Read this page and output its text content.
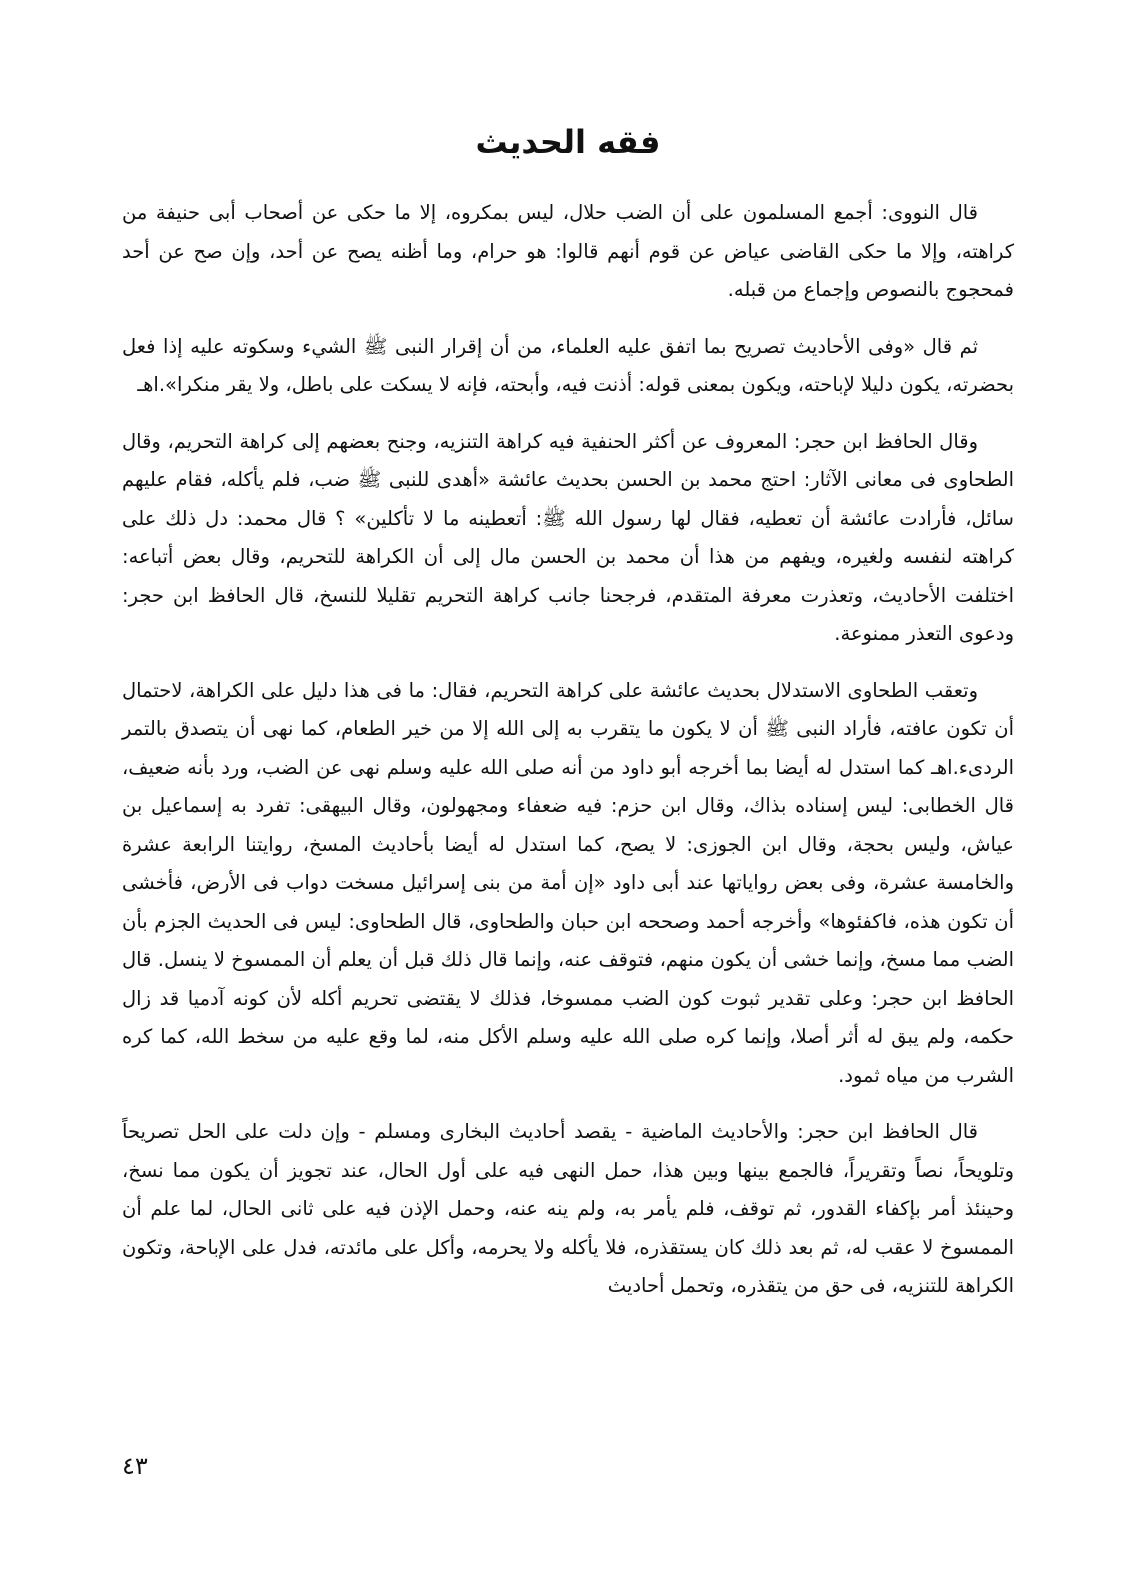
فقه الحديث

قال النووى: أجمع المسلمون على أن الضب حلال، ليس بمكروه، إلا ما حكى عن أصحاب أبى حنيفة من كراهته، وإلا ما حكى القاضى عياض عن قوم أنهم قالوا: هو حرام، وما أظنه يصح عن أحد، وإن صح عن أحد فمحجوج بالنصوص وإجماع من قبله.

ثم قال «وفى الأحاديث تصريح بما اتفق عليه العلماء، من أن إقرار النبى ﷺ الشيء وسكوته عليه إذا فعل بحضرته، يكون دليلا لإباحته، ويكون بمعنى قوله: أذنت فيه، وأبحته، فإنه لا يسكت على باطل، ولا يقر منكرا».اهـ

وقال الحافظ ابن حجر: المعروف عن أكثر الحنفية فيه كراهة التنزيه، وجنح بعضهم إلى كراهة التحريم، وقال الطحاوى فى معانى الآثار: احتج محمد بن الحسن بحديث عائشة «أهدى للنبى ﷺ ضب، فلم يأكله، فقام عليهم سائل، فأرادت عائشة أن تعطيه، فقال لها رسول الله ﷺ: أتعطينه ما لا تأكلين» ؟ قال محمد: دل ذلك على كراهته لنفسه ولغيره، ويفهم من هذا أن محمد بن الحسن مال إلى أن الكراهة للتحريم، وقال بعض أتباعه: اختلفت الأحاديث، وتعذرت معرفة المتقدم، فرجحنا جانب كراهة التحريم تقليلا للنسخ، قال الحافظ ابن حجر: ودعوى التعذر ممنوعة.

وتعقب الطحاوى الاستدلال بحديث عائشة على كراهة التحريم، فقال: ما فى هذا دليل على الكراهة، لاحتمال أن تكون عافته، فأراد النبى ﷺ أن لا يكون ما يتقرب به إلى الله إلا من خير الطعام، كما نهى أن يتصدق بالتمر الردىء.اهـ كما استدل له أيضا بما أخرجه أبو داود من أنه صلى الله عليه وسلم نهى عن الضب، ورد بأنه ضعيف، قال الخطابى: ليس إسناده بذاك، وقال ابن حزم: فيه ضعفاء ومجهولون، وقال البيهقى: تفرد به إسماعيل بن عياش، وليس بحجة، وقال ابن الجوزى: لا يصح، كما استدل له أيضا بأحاديث المسخ، روايتنا الرابعة عشرة والخامسة عشرة، وفى بعض رواياتها عند أبى داود «إن أمة من بنى إسرائيل مسخت دواب فى الأرض، فأخشى أن تكون هذه، فاكفئوها» وأخرجه أحمد وصححه ابن حبان والطحاوى، قال الطحاوى: ليس فى الحديث الجزم بأن الضب مما مسخ، وإنما خشى أن يكون منهم، فتوقف عنه، وإنما قال ذلك قبل أن يعلم أن الممسوخ لا ينسل. قال الحافظ ابن حجر: وعلى تقدير ثبوت كون الضب ممسوخا، فذلك لا يقتضى تحريم أكله لأن كونه آدميا قد زال حكمه، ولم يبق له أثر أصلا، وإنما كره صلى الله عليه وسلم الأكل منه، لما وقع عليه من سخط الله، كما كره الشرب من مياه ثمود.

قال الحافظ ابن حجر: والأحاديث الماضية - يقصد أحاديث البخارى ومسلم - وإن دلت على الحل تصريحاً وتلويحاً، نصاً وتقريراً، فالجمع بينها وبين هذا، حمل النهى فيه على أول الحال، عند تجويز أن يكون مما نسخ، وحينئذ أمر بإكفاء القدور، ثم توقف، فلم يأمر به، ولم ينه عنه، وحمل الإذن فيه على ثانى الحال، لما علم أن الممسوخ لا عقب له، ثم بعد ذلك كان يستقذره، فلا يأكله ولا يحرمه، وأكل على مائدته، فدل على الإباحة، وتكون الكراهة للتنزيه، فى حق من يتقذره، وتحمل أحاديث

٤٣
